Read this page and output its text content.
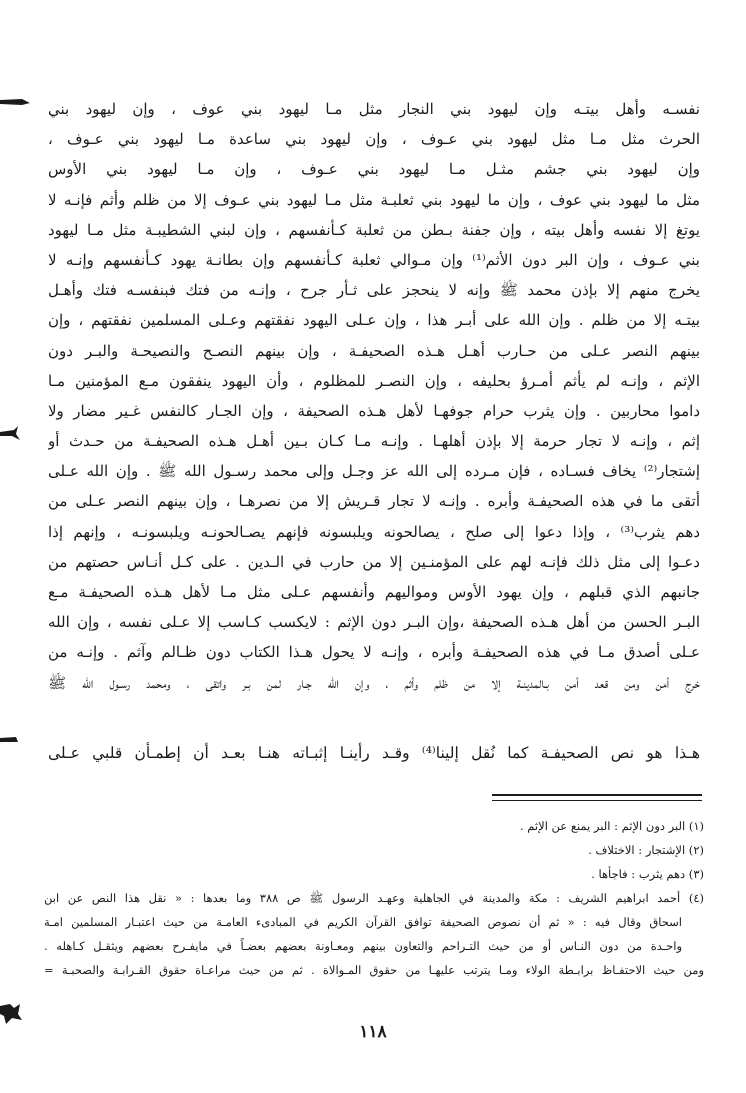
نفسـه وأهل بيتـه وإن ليهود بني النجار مثل مـا ليهود بني عوف ، وإن ليهود بني
الحرث مثل مـا مثل ليهود بني عـوف ، وإن ليهود بني ساعدة مـا ليهود بني عـوف ،
وإن ليهود بني جشم مثـل مـا ليهود بني عـوف ، وإن مـا ليهود بني الأوس
مثل ما ليهود بني عوف ، وإن ما ليهود بني ثعلبـة مثل مـا ليهود بني عـوف إلا من ظلم وأثم فإنـه لا
يوتغ إلا نفسه وأهل بيته ، وإن جفنة بـطن من ثعلبة كـأنفسهم ، وإن لبني الشطيبـة مثل مـا ليهود
بني عـوف ، وإن البر دون الأثم⁽¹⁾ وإن مـوالي ثعلبة كـأنفسهم وإن بطانـة يهود كـأنفسهم وإنـه لا
يخرج منهم إلا بإذن محمد ﷺ وإنه لا ينحجز على ثـأر جرح ، وإنـه من فتك فبنفسـه فتك وأهـل
بيتـه إلا من ظلم . وإن الله على أبـر هذا ، وإن عـلى اليهود نفقتهم وعـلى المسلمين نفقتهم ، وإن
بينهم النصر عـلى من حـارب أهـل هـذه الصحيفـة ، وإن بينهم النصـح والنصيحـة والبـر دون
الإثم ، وإنـه لم يأثم أمـرؤ بحليفه ، وإن النصـر للمظلوم ، وأن اليهود ينفقون مـع المؤمنين مـا
داموا محاربين . وإن يثرب حرام جوفهـا لأهل هـذه الصحيفة ، وإن الجـار كالنفس غـير مضار ولا
إثم ، وإنـه لا تجار حرمة إلا بإذن أهلهـا . وإنـه مـا كـان بـين أهـل هـذه الصحيفـة من حـدث أو
إشتجار⁽²⁾ يخاف فسـاده ، فإن مـرده إلى الله عز وجـل وإلى محمد رسـول الله ﷺ . وإن الله عـلى
أتقى ما في هذه الصحيفـة وأبره . وإنـه لا تجار قـريش إلا من نصرهـا ، وإن بينهم النصر عـلى من
دهم يثرب⁽³⁾ ، وإذا دعوا إلى صلح ، يصالحونه ويلبسونه فإنهم يصـالحونـه ويلبسونـه ، وإنهم إذا
دعـوا إلى مثل ذلك فإنـه لهم على المؤمنـين إلا من حارب في الـدين . على كـل أنـاس حصتهم من
جانبهم الذي قبلهم ، وإن يهود الأوس ومواليهم وأنفسهم عـلى مثل مـا لأهل هـذه الصحيفـة مـع
البـر الحسن من أهل هـذه الصحيفة ،وإن البـر دون الإثم : لايكسب كـاسب إلا عـلى نفسه ، وإن الله
عـلى أصدق مـا في هذه الصحيفـة وأبره ، وإنـه لا يحول هـذا الكتاب دون ظـالم وآثم . وإنـه من
خرج أمن ومن قعد أمن بـالمدينـة إلا من ظلم وأثم ، وإن الله جـار لمن بـر واتقى ، ومحمد رسـول الله ﷺ
هـذا هو نص الصحيفـة كما نُقل إلينا⁽⁴⁾ وقـد رأينـا إثبـاته هنـا بعـد أن إطمـأن قلبي عـلى
(١) البر دون الإثم : البر يمنع عن الإثم .
(٢) الإشتجار : الاختلاف .
(٣) دهم يثرب : فاجأها .
(٤) أحمد ابراهيم الشريف : مكة والمدينة في الجاهلية وعهـد الرسول ﷺ ص ٣٨٨ وما بعدها : « نقل هذا النص عن ابن
اسحاق وقال فيه : « ثم أن نصوص الصحيفة توافق القرآن الكريم في المبادىء العامـة من حيث اعتبـار المسلمين امـة
واحـدة من دون النـاس أو من حيث التـراحم والتعاون بينهم ومعـاونة بعضهم بعضـاً في مايفـرح بعضهم ويثقـل كـاهله .
ومن حيث الاحتفـاظ برابـطة الولاء ومـا يترتب عليهـا من حقوق المـوالاة . ثم من حيث مراعـاة حقوق القـرابـة والصحبـة =
١١٨
